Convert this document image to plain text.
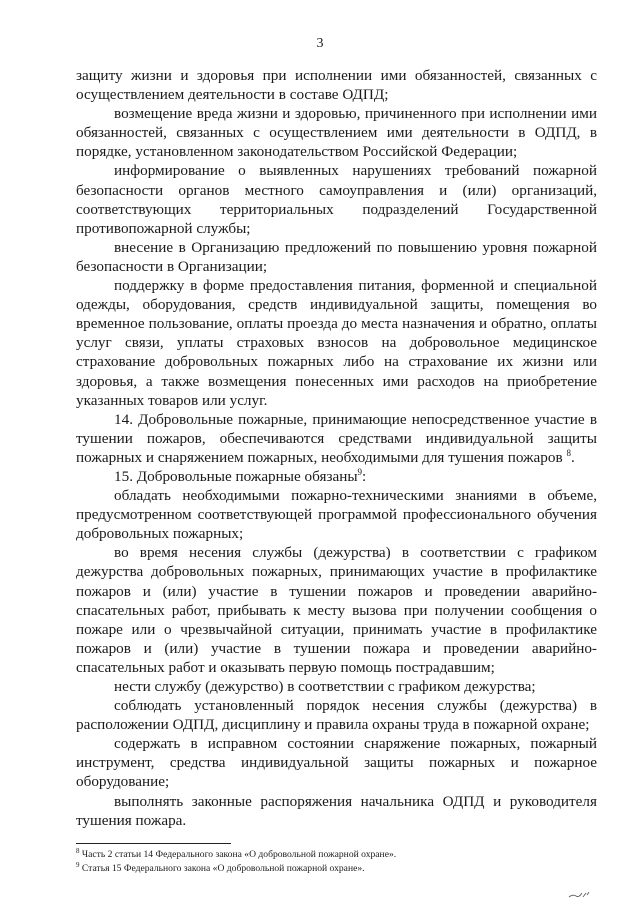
3

защиту жизни и здоровья при исполнении ими обязанностей, связанных с осуществлением деятельности в составе ОДПД;

возмещение вреда жизни и здоровью, причиненного при исполнении ими обязанностей, связанных с осуществлением ими деятельности в ОДПД, в порядке, установленном законодательством Российской Федерации;

информирование о выявленных нарушениях требований пожарной безопасности органов местного самоуправления и (или) организаций, соответствующих территориальных подразделений Государственной противопожарной службы;

внесение в Организацию предложений по повышению уровня пожарной безопасности в Организации;

поддержку в форме предоставления питания, форменной и специальной одежды, оборудования, средств индивидуальной защиты, помещения во временное пользование, оплаты проезда до места назначения и обратно, оплаты услуг связи, уплаты страховых взносов на добровольное медицинское страхование добровольных пожарных либо на страхование их жизни или здоровья, а также возмещения понесенных ими расходов на приобретение указанных товаров или услуг.

14. Добровольные пожарные, принимающие непосредственное участие в тушении пожаров, обеспечиваются средствами индивидуальной защиты пожарных и снаряжением пожарных, необходимыми для тушения пожаров $^8$.

15. Добровольные пожарные обязаны$^9$:

обладать необходимыми пожарно-техническими знаниями в объеме, предусмотренном соответствующей программой профессионального обучения добровольных пожарных;

во время несения службы (дежурства) в соответствии с графиком дежурства добровольных пожарных, принимающих участие в профилактике пожаров и (или) участие в тушении пожаров и проведении аварийно-спасательных работ, прибывать к месту вызова при получении сообщения о пожаре или о чрезвычайной ситуации, принимать участие в профилактике пожаров и (или) участие в тушении пожара и проведении аварийно-спасательных работ и оказывать первую помощь пострадавшим;

нести службу (дежурство) в соответствии с графиком дежурства;

соблюдать установленный порядок несения службы (дежурства) в расположении ОДПД, дисциплину и правила охраны труда в пожарной охране;

содержать в исправном состоянии снаряжение пожарных, пожарный инструмент, средства индивидуальной защиты пожарных и пожарное оборудование;

выполнять законные распоряжения начальника ОДПД и руководителя тушения пожара.

$^8$ Часть 2 статьи 14 Федерального закона «О добровольной пожарной охране».

$^9$ Статья 15 Федерального закона «О добровольной пожарной охране».
